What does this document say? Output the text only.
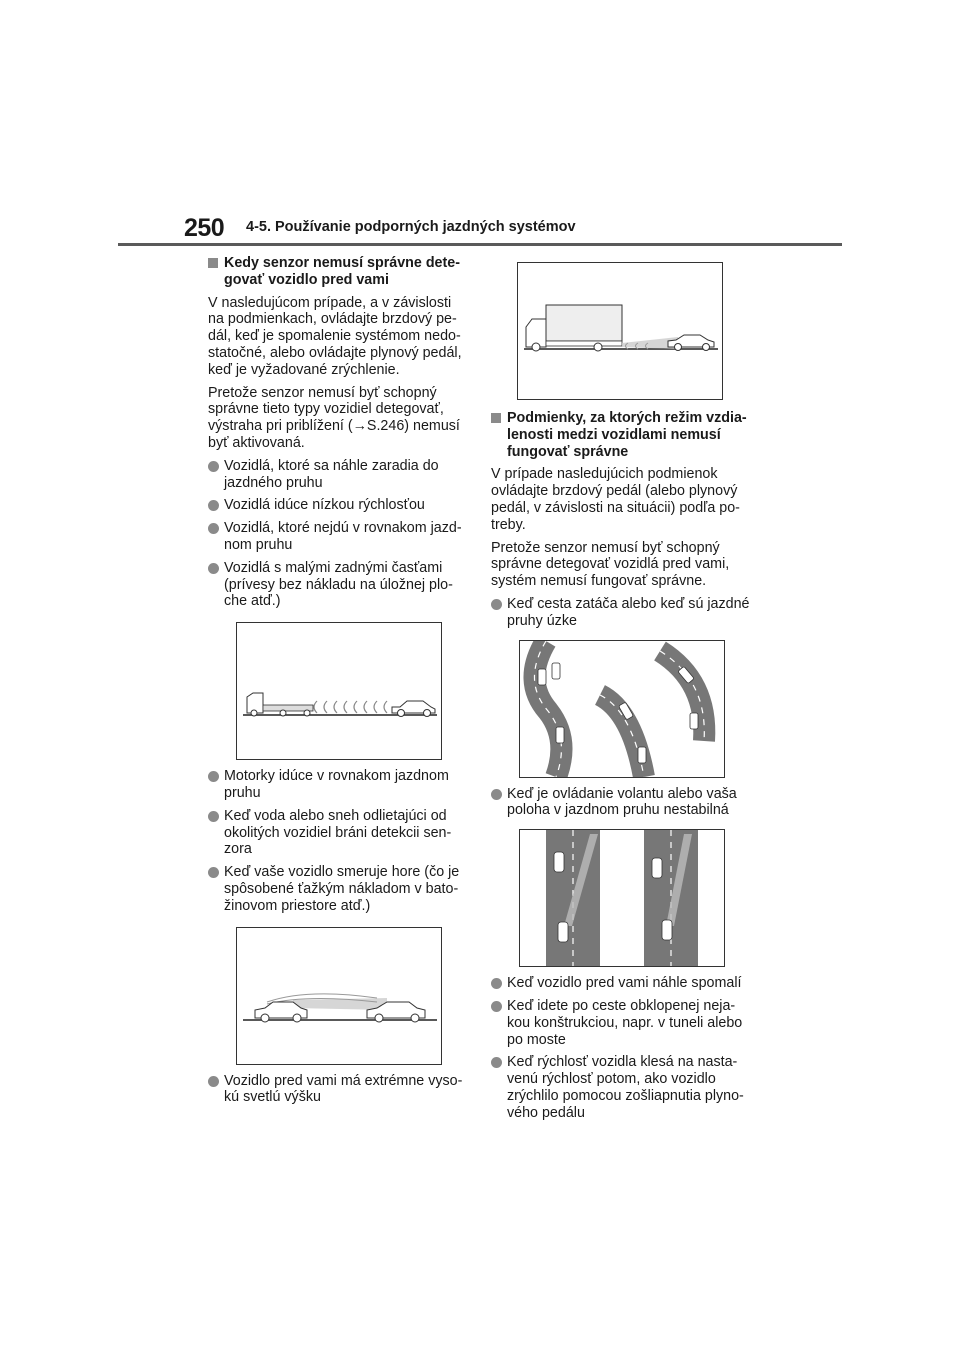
250 4-5. Používanie podporných jazdných systémov
Kedy senzor nemusí správne dete-govať vozidlo pred vami

V nasledujúcom prípade, a v závislosti na podmienkach, ovládajte brzdový pe-dál, keď je spomalenie systémom nedo-statočné, alebo ovládajte plynový pedál, keď je vyžadované zrýchlenie.

Pretože senzor nemusí byť schopný správne tieto typy vozidiel detegovať, výstraha pri priblížení (→S.246) nemusí byť aktivovaná.

Vozidlá, ktoré sa náhle zaradia do jazdného pruhu
Vozidlá idúce nízkou rýchlosťou
Vozidlá, ktoré nejdú v rovnakom jazd-nom pruhu
Vozidlá s malými zadnými časťami (prívesy bez nákladu na úložnej plo-che atď.)
Motorky idúce v rovnakom jazdnom pruhu
Keď voda alebo sneh odlietajúci od okolitých vozidiel bráni detekcii sen-zora
Keď vaše vozidlo smeruje hore (čo je spôsobené ťažkým nákladom v bato-žinovom priestore atď.)
Vozidlo pred vami má extrémne vyso-kú svetlú výšku
Podmienky, za ktorých režim vzdia-lenosti medzi vozidlami nemusí fungovať správne

V prípade nasledujúcich podmienok ovládajte brzdový pedál (alebo plynový pedál, v závislosti na situácii) podľa po-treby.

Pretože senzor nemusí byť schopný správne detegovať vozidlá pred vami, systém nemusí fungovať správne.

Keď cesta zatáča alebo keď sú jazdné pruhy úzke
Keď je ovládanie volantu alebo vaša poloha v jazdnom pruhu nestabilná
Keď vozidlo pred vami náhle spomalí
Keď idete po ceste obklopenej neja-kou konštrukciou, napr. v tuneli alebo po moste
Keď rýchlosť vozidla klesá na nasta-venú rýchlosť potom, ako vozidlo zrýchlilo pomocou zošliapnutia plyno-vého pedálu
